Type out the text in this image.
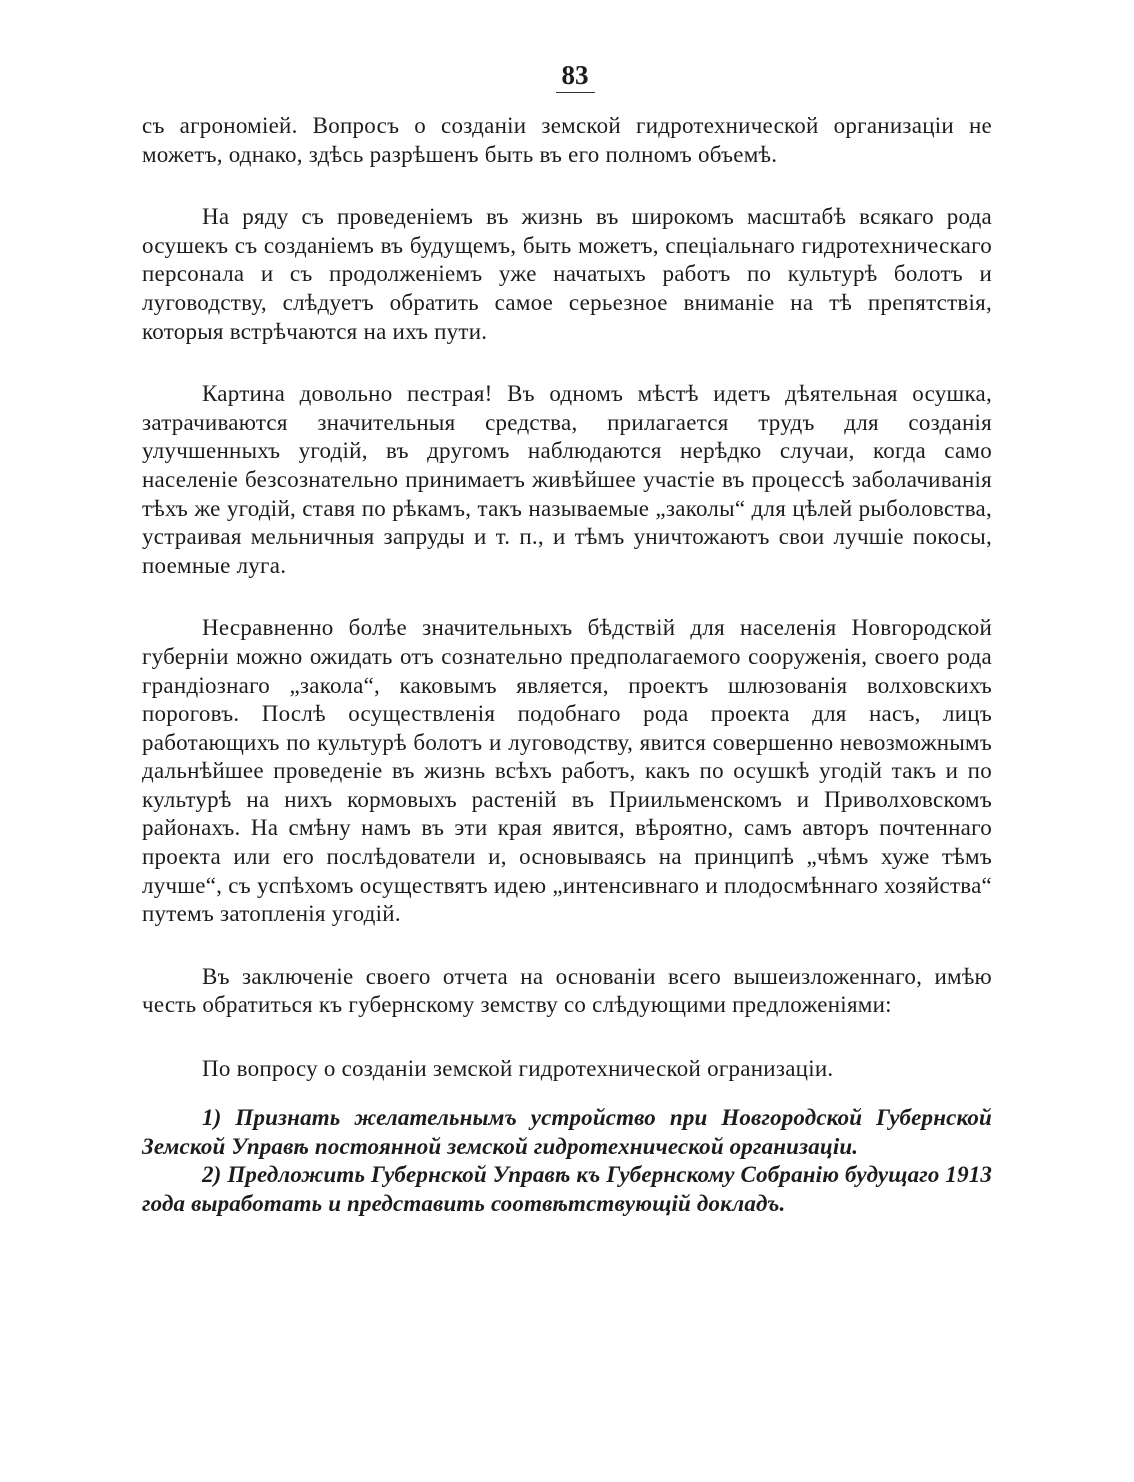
83

съ агрономіей. Вопросъ о созданіи земской гидротехнической организаціи не можетъ, однако, здѣсь разрѣшенъ быть въ его полномъ объемѣ.

На ряду съ проведеніемъ въ жизнь въ широкомъ масштабѣ всякаго рода осушекъ съ созданіемъ въ будущемъ, быть можетъ, спеціальнаго гидротехническаго персонала и съ продолженіемъ уже начатыхъ работъ по культурѣ болотъ и луговодству, слѣдуетъ обратить самое серьезное вниманіе на тѣ препятствія, которыя встрѣчаются на ихъ пути.

Картина довольно пестрая! Въ одномъ мѣстѣ идетъ дѣятельная осушка, затрачиваются значительныя средства, прилагается трудъ для созданія улучшенныхъ угодій, въ другомъ наблюдаются нерѣдко случаи, когда само населеніе безсознательно принимаетъ живѣйшее участіе въ процессѣ заболачиванія тѣхъ же угодій, ставя по рѣкамъ, такъ называемые „заколы“ для цѣлей рыболовства, устраивая мельничныя запруды и т. п., и тѣмъ уничтожаютъ свои лучшіе покосы, поемные луга.

Несравненно болѣе значительныхъ бѣдствій для населенія Новгородской губерніи можно ожидать отъ сознательно предполагаемого сооруженія, своего рода грандіознаго „закола“, каковымъ является, проектъ шлюзованія волховскихъ пороговъ. Послѣ осуществленія подобнаго рода проекта для насъ, лицъ работающихъ по культурѣ болотъ и луговодству, явится совершенно невозможнымъ дальнѣйшее проведеніе въ жизнь всѣхъ работъ, какъ по осушкѣ угодій такъ и по культурѣ на нихъ кормовыхъ растеній въ Приильменскомъ и Приволховскомъ районахъ. На смѣну намъ въ эти края явится, вѣроятно, самъ авторъ почтеннаго проекта или его послѣдователи и, основываясь на принципѣ „чѣмъ хуже тѣмъ лучше“, съ успѣхомъ осуществятъ идею „интенсивнаго и плодосмѣннаго хозяйства“ путемъ затопленія угодій.

Въ заключеніе своего отчета на основаніи всего вышеизложеннаго, имѣю честь обратиться къ губернскому земству со слѣдующими предложеніями:

По вопросу о созданіи земской гидротехнической огранизаціи.

1) Признать желательнымъ устройство при Новгородской Губернской Земской Управѣ постоянной земской гидротехнической организаціи.

2) Предложить Губернской Управѣ къ Губернскому Собранію будущаго 1913 года выработать и представить соотвѣтствующій докладъ.
